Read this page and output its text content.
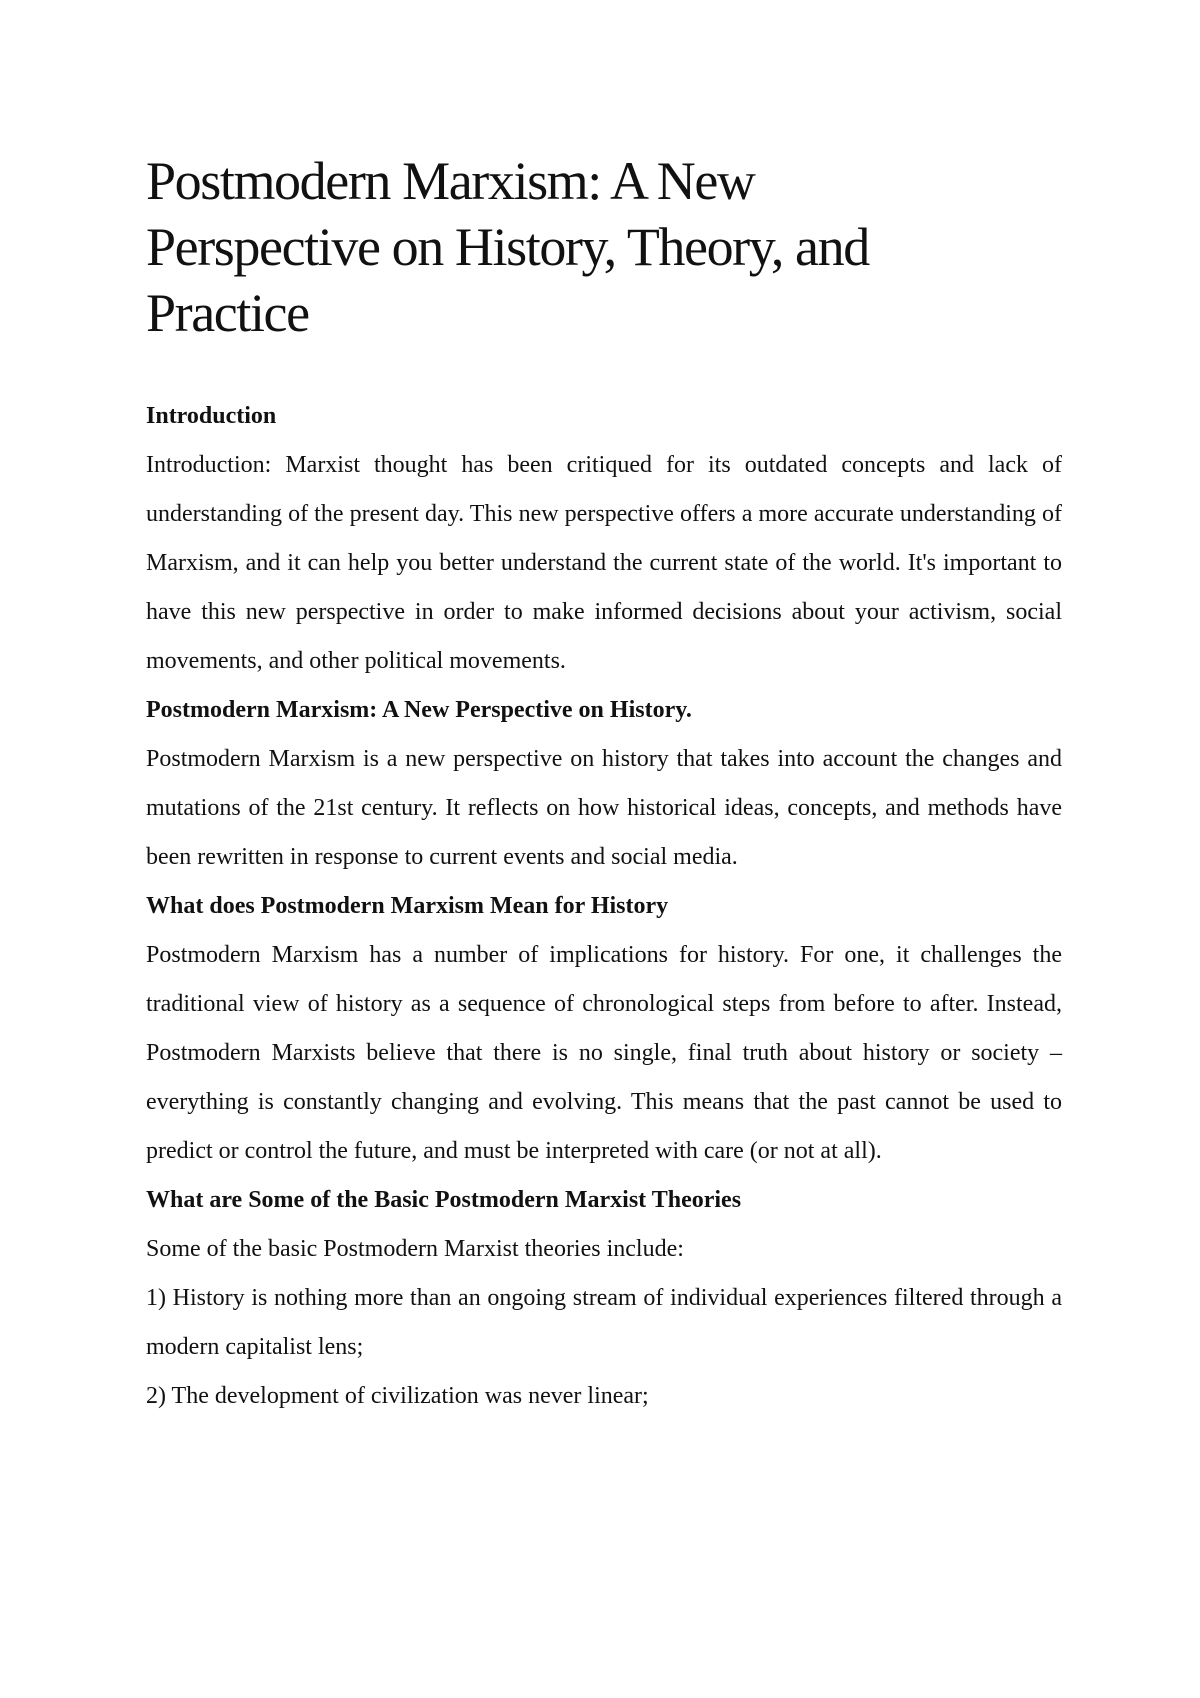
Postmodern Marxism: A New Perspective on History, Theory, and Practice
Introduction

Introduction: Marxist thought has been critiqued for its outdated concepts and lack of understanding of the present day. This new perspective offers a more accurate understanding of Marxism, and it can help you better understand the current state of the world. It's important to have this new perspective in order to make informed decisions about your activism, social movements, and other political movements.

Postmodern Marxism: A New Perspective on History.

Postmodern Marxism is a new perspective on history that takes into account the changes and mutations of the 21st century. It reflects on how historical ideas, concepts, and methods have been rewritten in response to current events and social media.

What does Postmodern Marxism Mean for History

Postmodern Marxism has a number of implications for history. For one, it challenges the traditional view of history as a sequence of chronological steps from before to after. Instead, Postmodern Marxists believe that there is no single, final truth about history or society – everything is constantly changing and evolving. This means that the past cannot be used to predict or control the future, and must be interpreted with care (or not at all).

What are Some of the Basic Postmodern Marxist Theories

Some of the basic Postmodern Marxist theories include:

1) History is nothing more than an ongoing stream of individual experiences filtered through a modern capitalist lens;

2) The development of civilization was never linear;
